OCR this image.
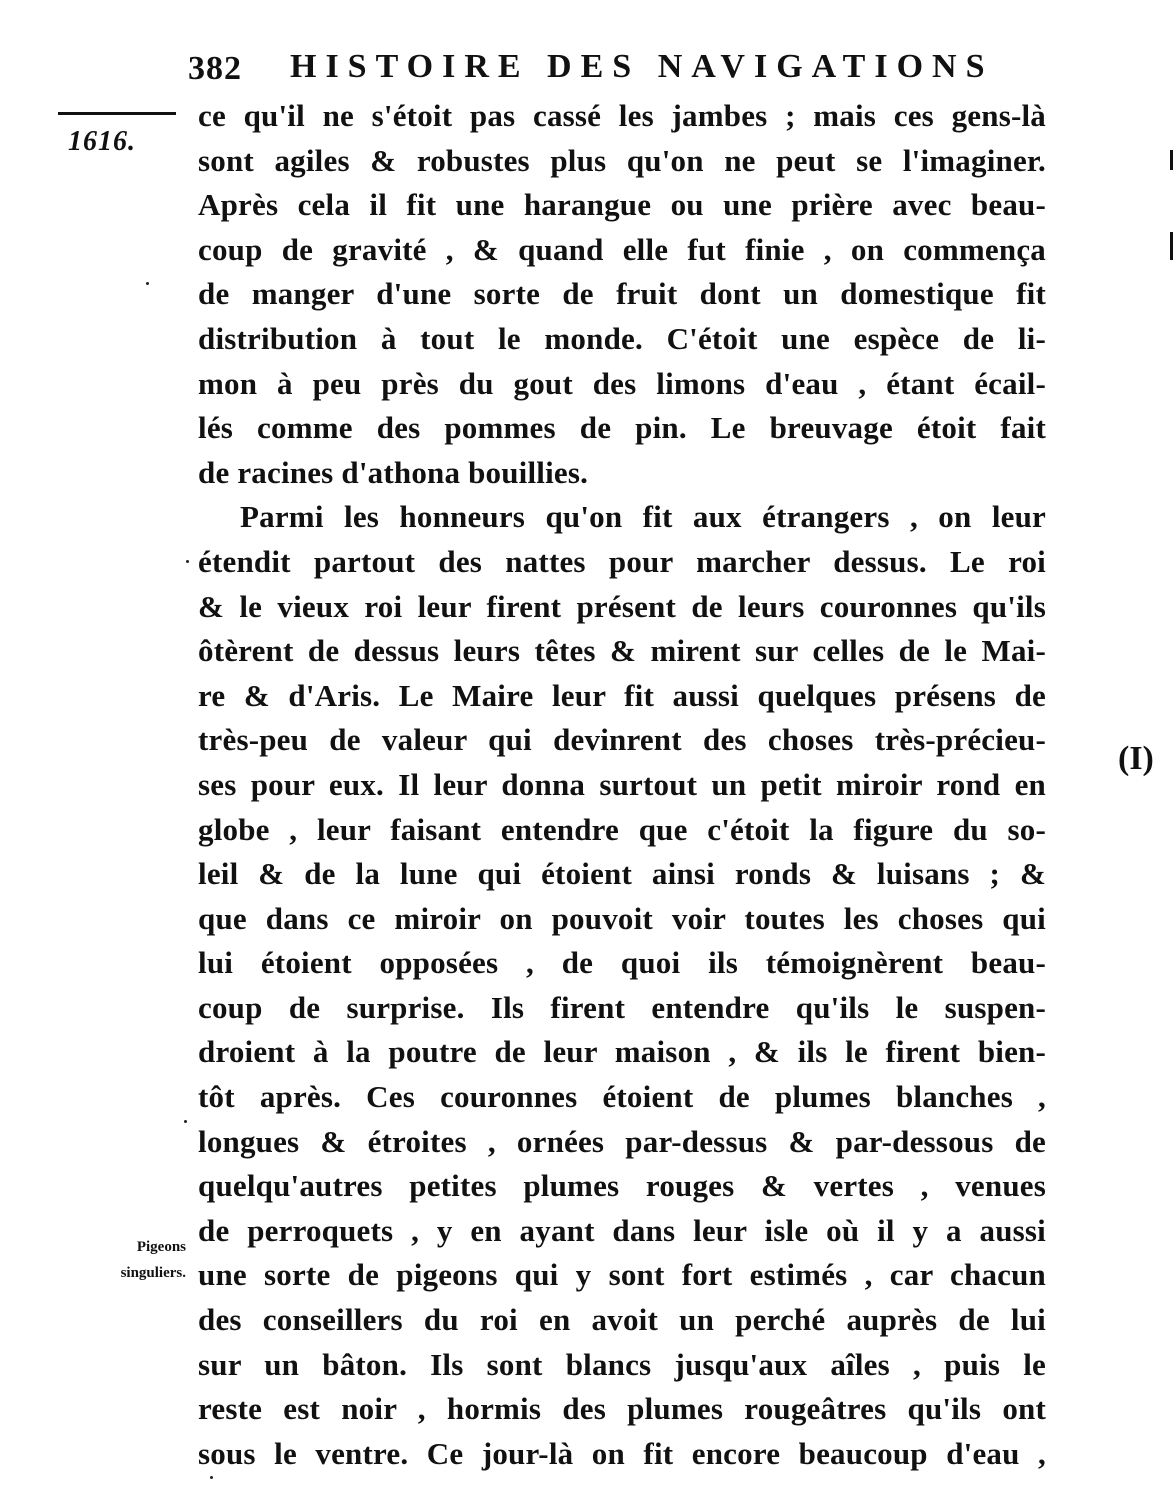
382 HISTOIRE DES NAVIGATIONS
1616.
Pigeons
singuliers.
(I)
ce qu'il ne s'étoit pas cassé les jambes ; mais ces gens-là
sont agiles & robustes plus qu'on ne peut se l'imaginer.
Après cela il fit une harangue ou une prière avec beau-
coup de gravité , & quand elle fut finie , on commença
de manger d'une sorte de fruit dont un domestique fit
distribution à tout le monde. C'étoit une espèce de li-
mon à peu près du gout des limons d'eau , étant écail-
lés comme des pommes de pin. Le breuvage étoit fait
de racines d'athona bouillies.
Parmi les honneurs qu'on fit aux étrangers , on leur
étendit partout des nattes pour marcher dessus. Le roi
& le vieux roi leur firent présent de leurs couronnes qu'ils
ôtèrent de dessus leurs têtes & mirent sur celles de le Mai-
re & d'Aris. Le Maire leur fit aussi quelques présens de
très-peu de valeur qui devinrent des choses très-précieu-
ses pour eux. Il leur donna surtout un petit miroir rond en
globe , leur faisant entendre que c'étoit la figure du so-
leil & de la lune qui étoient ainsi ronds & luisans ; &
que dans ce miroir on pouvoit voir toutes les choses qui
lui étoient opposées , de quoi ils témoignèrent beau-
coup de surprise. Ils firent entendre qu'ils le suspen-
droient à la poutre de leur maison , & ils le firent bien-
tôt après. Ces couronnes étoient de plumes blanches ,
longues & étroites , ornées par-dessus & par-dessous de
quelqu'autres petites plumes rouges & vertes , venues
de perroquets , y en ayant dans leur isle où il y a aussi
une sorte de pigeons qui y sont fort estimés , car chacun
des conseillers du roi en avoit un perché auprès de lui
sur un bâton. Ils sont blancs jusqu'aux aîles , puis le
reste est noir , hormis des plumes rougeâtres qu'ils ont
sous le ventre. Ce jour-là on fit encore beaucoup d'eau ,
